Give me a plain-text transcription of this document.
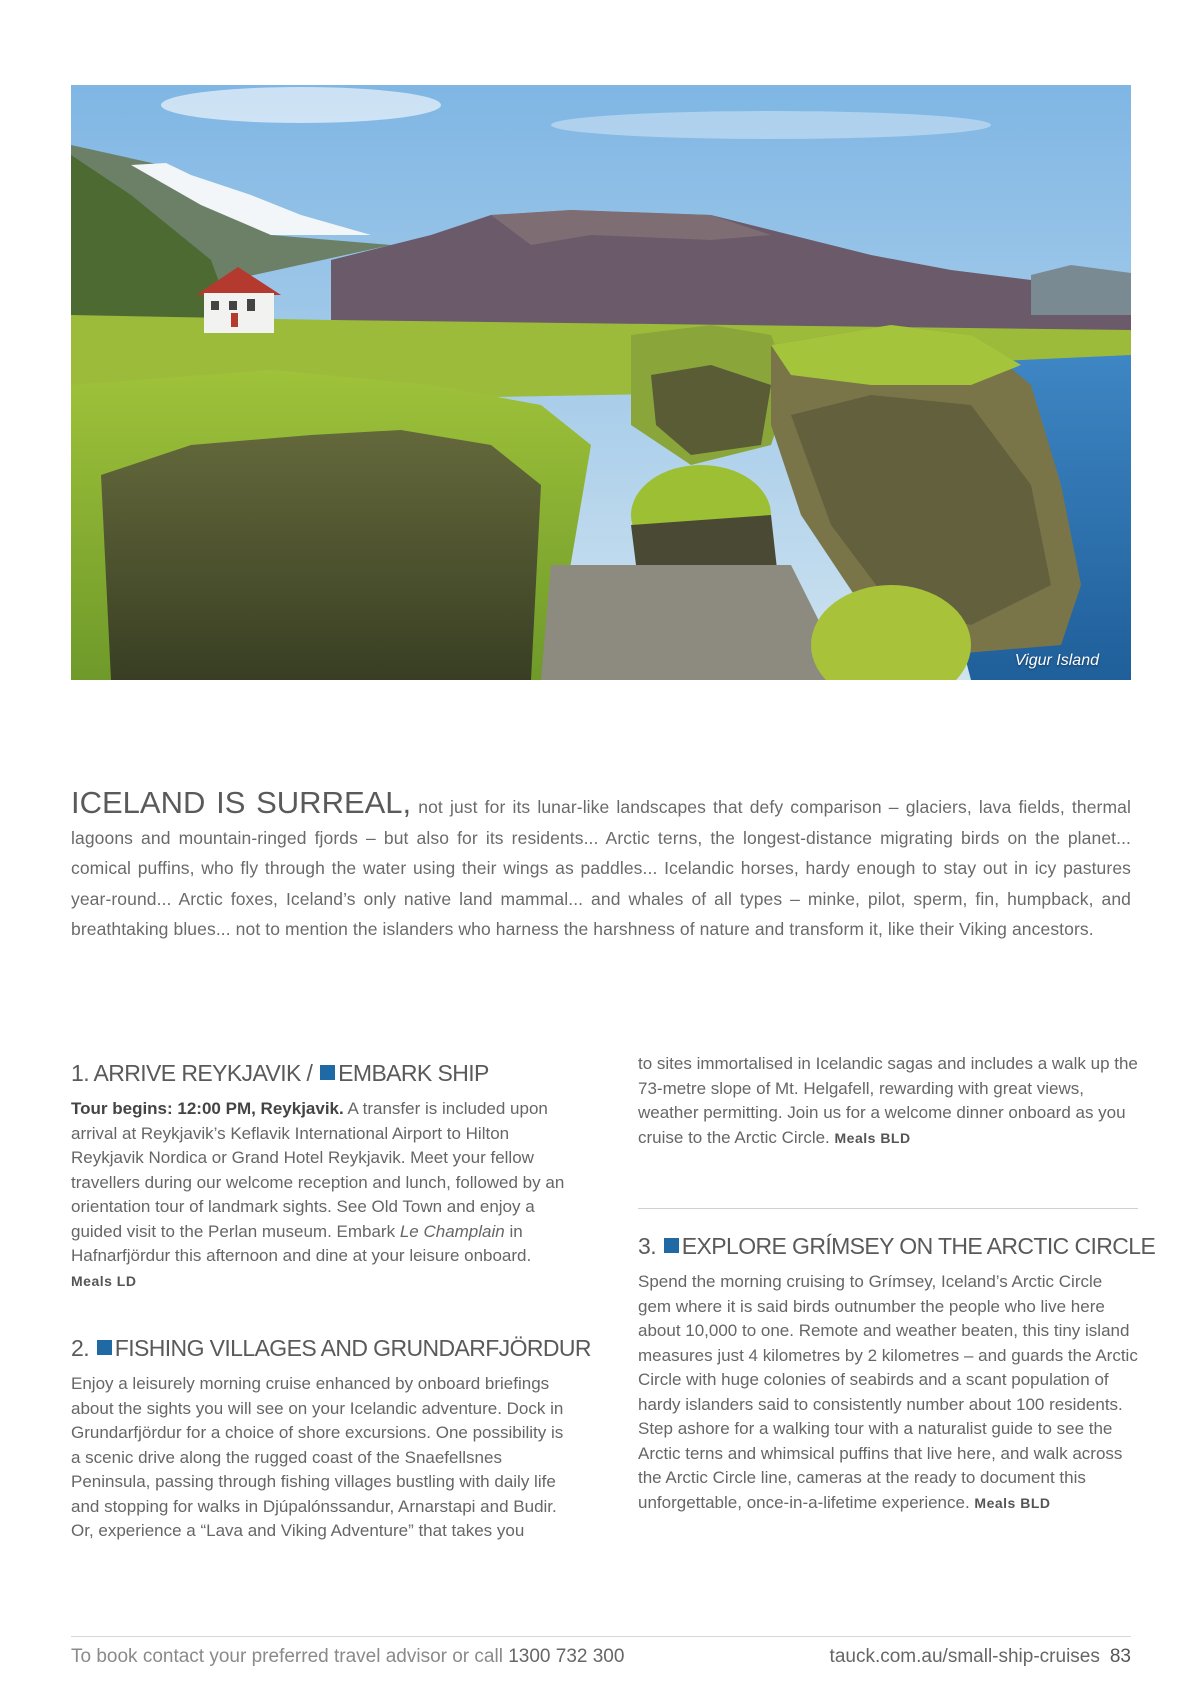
Vigur Island
ICELAND IS SURREAL, not just for its lunar-like landscapes that defy comparison – glaciers, lava fields, thermal lagoons and mountain-ringed fjords – but also for its residents... Arctic terns, the longest-distance migrating birds on the planet... comical puffins, who fly through the water using their wings as paddles... Icelandic horses, hardy enough to stay out in icy pastures year-round... Arctic foxes, Iceland’s only native land mammal... and whales of all types – minke, pilot, sperm, fin, humpback, and breathtaking blues... not to mention the islanders who harness the harshness of nature and transform it, like their Viking ancestors.
1. ARRIVE REYKJAVIK / EMBARK SHIP

Tour begins: 12:00 PM, Reykjavik. A transfer is included upon arrival at Reykjavik’s Keflavik International Airport to Hilton Reykjavik Nordica or Grand Hotel Reykjavik. Meet your fellow travellers during our welcome reception and lunch, followed by an orientation tour of landmark sights. See Old Town and enjoy a guided visit to the Perlan museum. Embark Le Champlain in Hafnarfjördur this afternoon and dine at your leisure onboard. Meals LD

2. FISHING VILLAGES AND GRUNDARFJÖRDUR

Enjoy a leisurely morning cruise enhanced by onboard briefings about the sights you will see on your Icelandic adventure. Dock in Grundarfjördur for a choice of shore excursions. One possibility is a scenic drive along the rugged coast of the Snaefellsnes Peninsula, passing through fishing villages bustling with daily life and stopping for walks in Djúpalónssandur, Arnarstapi and Budir. Or, experience a “Lava and Viking Adventure” that takes you

to sites immortalised in Icelandic sagas and includes a walk up the 73-metre slope of Mt. Helgafell, rewarding with great views, weather permitting. Join us for a welcome dinner onboard as you cruise to the Arctic Circle. Meals BLD

3. EXPLORE GRÍMSEY ON THE ARCTIC CIRCLE

Spend the morning cruising to Grímsey, Iceland’s Arctic Circle gem where it is said birds outnumber the people who live here about 10,000 to one. Remote and weather beaten, this tiny island measures just 4 kilometres by 2 kilometres – and guards the Arctic Circle with huge colonies of seabirds and a scant population of hardy islanders said to consistently number about 100 residents. Step ashore for a walking tour with a naturalist guide to see the Arctic terns and whimsical puffins that live here, and walk across the Arctic Circle line, cameras at the ready to document this unforgettable, once-in-a-lifetime experience. Meals BLD

To book contact your preferred travel advisor or call 1300 732 300	tauck.com.au/small-ship-cruises 83
